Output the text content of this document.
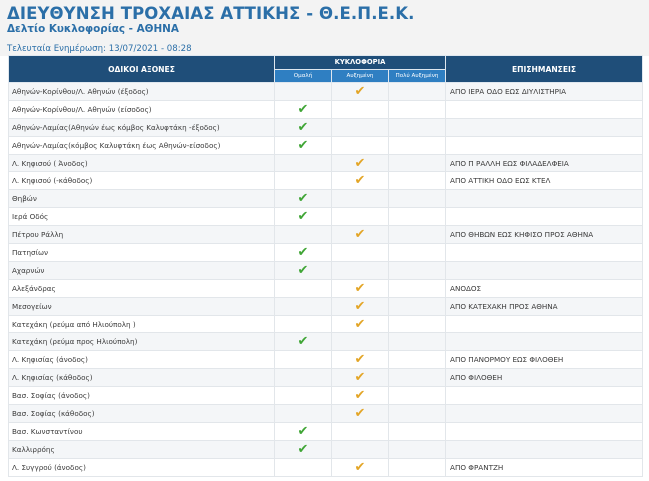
ΔΙΕΥΘΥΝΣΗ ΤΡΟΧΑΙΑΣ ΑΤΤΙΚΗΣ - Θ.Ε.Π.Ε.Κ.
Δελτίο Κυκλοφορίας - ΑΘΗΝΑ
Τελευταία Ενημέρωση: 13/07/2021 - 08:28
ΟΔΙΚΟΙ ΑΞΟΝΕΣ	ΚΥΚΛΟΦΟΡΙΑ			ΕΠΙΣΗΜΑΝΣΕΙΣ
	Ομαλή	Αυξημένη	Πολύ Αυξημένη	
Αθηνών-Κορίνθου/Λ. Αθηνών (έξοδος)		✔		ΑΠΟ ΙΕΡΑ ΟΔΟ ΕΩΣ ΔΙΥΛΙΣΤΗΡΙΑ
Αθηνών-Κορίνθου/Λ. Αθηνών (είσοδος)	✔			
Αθηνών-Λαμίας(Αθηνών έως κόμβος Καλυφτάκη -έξοδος)	✔			
Αθηνών-Λαμίας(κόμβος Καλυφτάκη έως Αθηνών-είσοδος)	✔			
Λ. Κηφισού ( Άνοδος)		✔		ΑΠΟ Π ΡΑΛΛΗ ΕΩΣ ΦΙΛΑΔΕΛΦΕΙΑ
Λ. Κηφισού (-κάθοδος)		✔		ΑΠΟ ΑΤΤΙΚΗ ΟΔΟ ΕΩΣ ΚΤΕΛ
Θηβών	✔			
Ιερά Οδός	✔			
Πέτρου Ράλλη		✔		ΑΠΟ ΘΗΒΩΝ ΕΩΣ ΚΗΦΙΣΟ ΠΡΟΣ ΑΘΗΝΑ
Πατησίων	✔			
Αχαρνών	✔			
Αλεξάνδρας		✔		ΑΝΟΔΟΣ
Μεσογείων		✔		ΑΠΟ ΚΑΤΕΧΑΚΗ ΠΡΟΣ ΑΘΗΝΑ
Κατεχάκη (ρεύμα από Ηλιούπολη )		✔		
Κατεχάκη (ρεύμα προς Ηλιούπολη)	✔			
Λ. Κηφισίας (άνοδος)		✔		ΑΠΟ ΠΑΝΟΡΜΟΥ ΕΩΣ ΦΙΛΟΘΕΗ
Λ. Κηφισίας (κάθοδος)		✔		ΑΠΟ ΦΙΛΟΘΕΗ
Βασ. Σοφίας (άνοδος)		✔		
Βασ. Σοφίας (κάθοδος)		✔		
Βασ. Κωνσταντίνου	✔			
Καλλιρρόης	✔			
Λ. Συγγρού (άνοδος)		✔		ΑΠΟ ΦΡΑΝΤΖΗ
